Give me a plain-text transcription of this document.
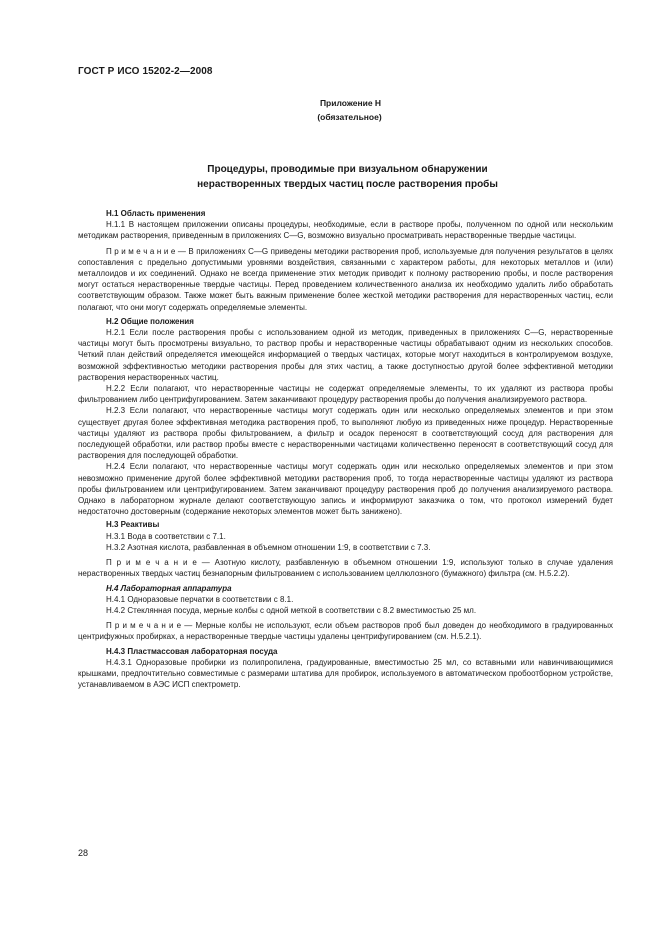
ГОСТ Р ИСО 15202-2—2008
Приложение Н
(обязательное)
Процедуры, проводимые при визуальном обнаружении
нерастворенных твердых частиц после растворения пробы

Н.1 Область применения

Н.1.1 В настоящем приложении описаны процедуры, необходимые, если в растворе пробы, полученном по одной или нескольким методикам растворения, приведенным в приложениях С—G, возможно визуально просматривать нерастворенные твердые частицы.

П р и м е ч а н и е — В приложениях С—G приведены методики растворения проб, используемые для получения результатов в целях сопоставления с предельно допустимыми уровнями воздействия, связанными с характером работы, для некоторых металлов и (или) металлоидов и их соединений. Однако не всегда применение этих методик приводит к полному растворению пробы, и после растворения могут остаться нерастворенные твердые частицы. Перед проведением количественного анализа их необходимо удалить либо обработать соответствующим образом. Также может быть важным применение более жесткой методики растворения для нерастворенных частиц, если полагают, что они могут содержать определяемые элементы.

Н.2 Общие положения

Н.2.1 Если после растворения пробы с использованием одной из методик, приведенных в приложениях С—G, нерастворенные частицы могут быть просмотрены визуально, то раствор пробы и нерастворенные частицы обрабатывают одним из нескольких способов. Четкий план действий определяется имеющейся информацией о твердых частицах, которые могут находиться в контролируемом воздухе, возможной эффективностью методики растворения пробы для этих частиц, а также доступностью другой более эффективной методики растворения нерастворенных частиц.

Н.2.2 Если полагают, что нерастворенные частицы не содержат определяемые элементы, то их удаляют из раствора пробы фильтрованием либо центрифугированием. Затем заканчивают процедуру растворения пробы до получения анализируемого раствора.

Н.2.3 Если полагают, что нерастворенные частицы могут содержать один или несколько определяемых элементов и при этом существует другая более эффективная методика растворения проб, то выполняют любую из приведенных ниже процедур. Нерастворенные частицы удаляют из раствора пробы фильтрованием, а фильтр и осадок переносят в соответствующий сосуд для растворения для последующей обработки, или раствор пробы вместе с нерастворенными частицами количественно переносят в соответствующий сосуд для растворения для последующей обработки.

Н.2.4 Если полагают, что нерастворенные частицы могут содержать один или несколько определяемых элементов и при этом невозможно применение другой более эффективной методики растворения проб, то тогда нерастворенные частицы удаляют из раствора пробы фильтрованием или центрифугированием. Затем заканчивают процедуру растворения проб до получения анализируемого раствора. Однако в лабораторном журнале делают соответствующую запись и информируют заказчика о том, что протокол измерений будет недостаточно достоверным (содержание некоторых элементов может быть занижено).

Н.3 Реактивы

Н.3.1 Вода в соответствии с 7.1.

Н.3.2 Азотная кислота, разбавленная в объемном отношении 1:9, в соответствии с 7.3.

П р и м е ч а н и е — Азотную кислоту, разбавленную в объемном отношении 1:9, используют только в случае удаления нерастворенных твердых частиц безнапорным фильтрованием с использованием целлюлозного (бумажного) фильтра (см. Н.5.2.2).

Н.4 Лабораторная аппаратура

Н.4.1 Одноразовые перчатки в соответствии с 8.1.

Н.4.2 Стеклянная посуда, мерные колбы с одной меткой в соответствии с 8.2 вместимостью 25 мл.

П р и м е ч а н и е — Мерные колбы не используют, если объем растворов проб был доведен до необходимого в градуированных центрифужных пробирках, а нерастворенные твердые частицы удалены центрифугированием (см. Н.5.2.1).

Н.4.3 Пластмассовая лабораторная посуда

Н.4.3.1 Одноразовые пробирки из полипропилена, градуированные, вместимостью 25 мл, со вставными или навинчивающимися крышками, предпочтительно совместимые с размерами штатива для пробирок, используемого в автоматическом пробоотборном устройстве, устанавливаемом в АЭС ИСП спектрометр.

28
